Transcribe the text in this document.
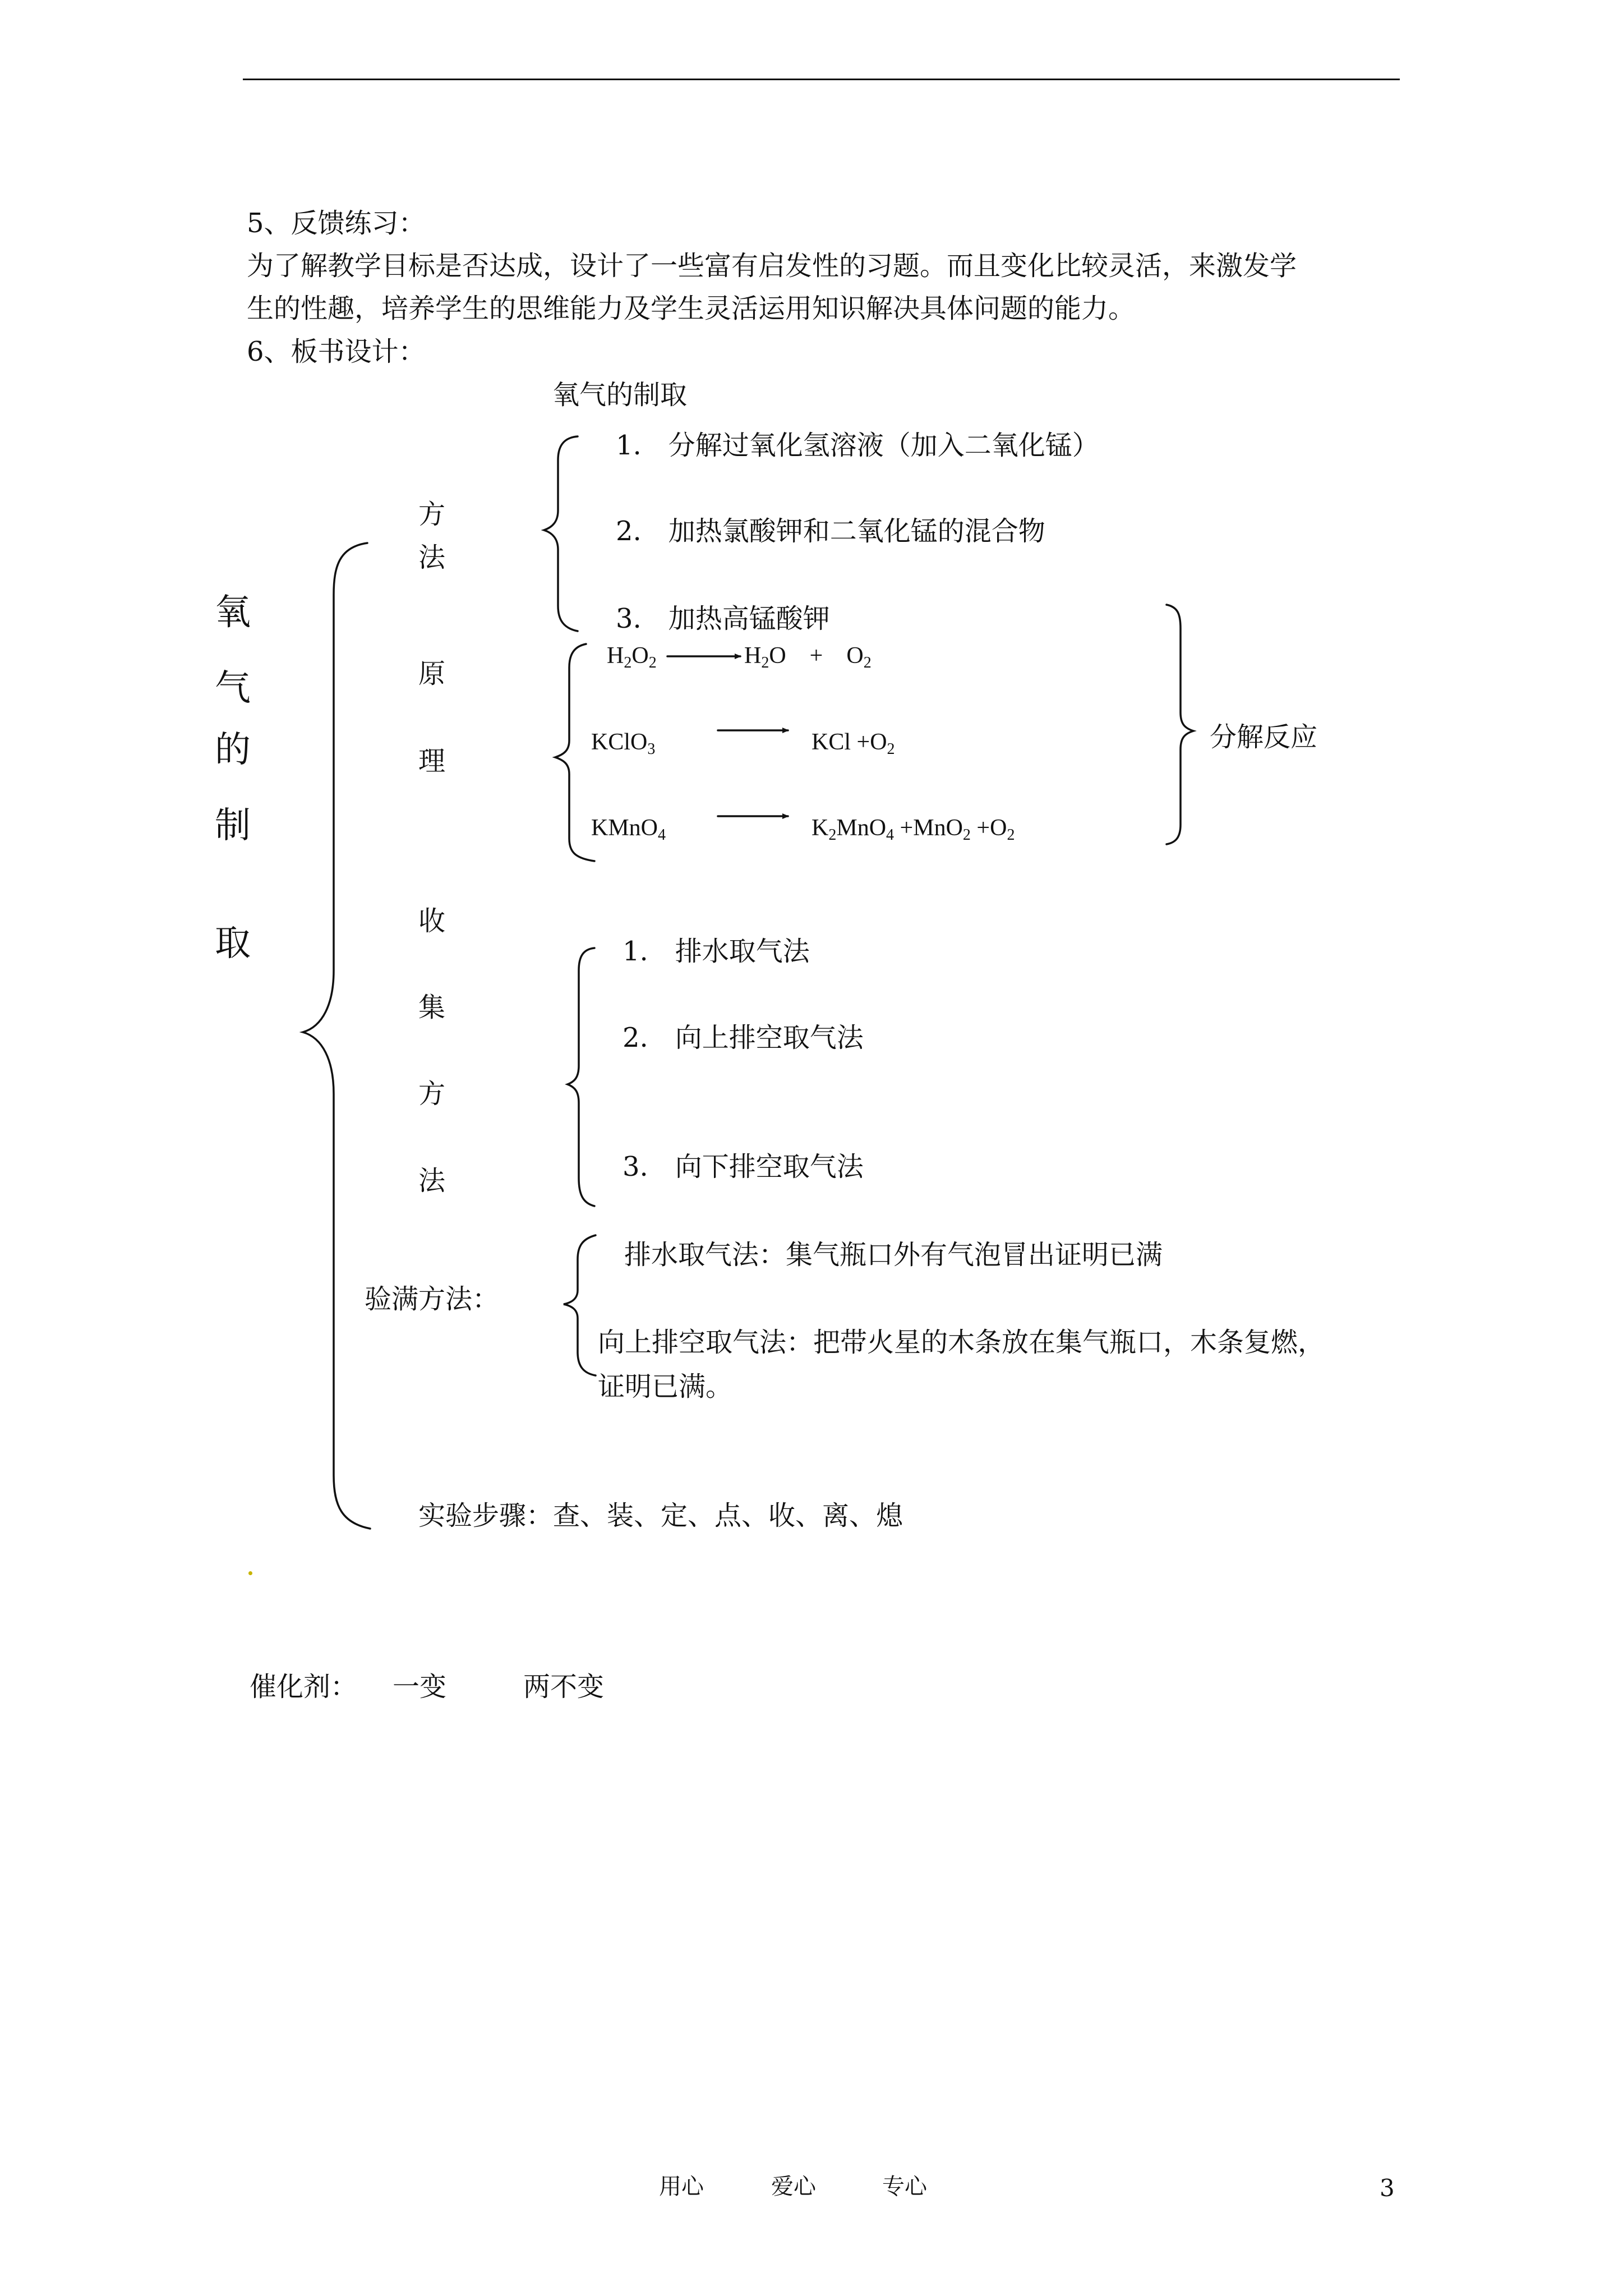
5、反馈练习：
为了解教学目标是否达成，设计了一些富有启发性的习题。而且变化比较灵活，来激发学
生的性趣，培养学生的思维能力及学生灵活运用知识解决具体问题的能力。
6、板书设计：
氧气的制取
氧
气
的
制
取
方
法
1.　分解过氧化氢溶液（加入二氧化锰）
2.　加热氯酸钾和二氧化锰的混合物
3.　加热高锰酸钾
原
理
$H_2O_2$	$H_2O$　+　$O_2$
KClO$_3$	KCl $+O_2$
KMnO$_4$	$K_2MnO_4 +MnO_2 +O_2$
分解反应
收
集
方
法
1.　排水取气法
2.　向上排空取气法
3.　向下排空取气法
验满方法：
排水取气法：集气瓶口外有气泡冒出证明已满
向上排空取气法：把带火星的木条放在集气瓶口，木条复燃，
证明已满。
实验步骤：查、装、定、点、收、离、熄
催化剂： 一变	两不变
用心	爱心	专心	3
